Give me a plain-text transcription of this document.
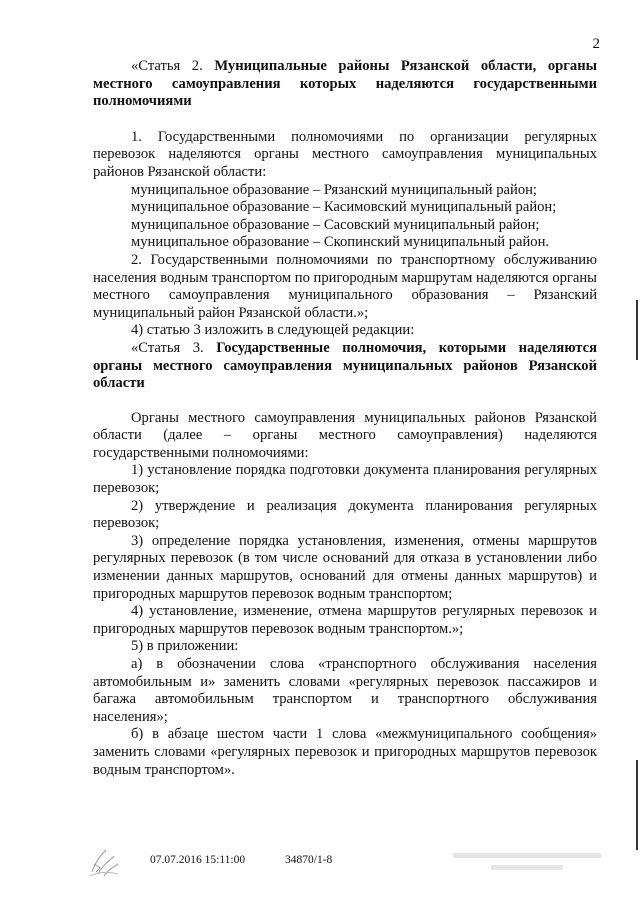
2

«Статья 2. Муниципальные районы Рязанской области, органы местного самоуправления которых наделяются государственными полномочиями

1. Государственными полномочиями по организации регулярных перевозок наделяются органы местного самоуправления муниципальных районов Рязанской области:

муниципальное образование – Рязанский муниципальный район;

муниципальное образование – Касимовский муниципальный район;

муниципальное образование – Сасовский муниципальный район;

муниципальное образование – Скопинский муниципальный район.

2. Государственными полномочиями по транспортному обслуживанию населения водным транспортом по пригородным маршрутам наделяются органы местного самоуправления муниципального образования – Рязанский муниципальный район Рязанской области.»;

4) статью 3 изложить в следующей редакции:

«Статья 3. Государственные полномочия, которыми наделяются органы местного самоуправления муниципальных районов Рязанской области

Органы местного самоуправления муниципальных районов Рязанской области (далее – органы местного самоуправления) наделяются государственными полномочиями:

1) установление порядка подготовки документа планирования регулярных перевозок;

2) утверждение и реализация документа планирования регулярных перевозок;

3) определение порядка установления, изменения, отмены маршрутов регулярных перевозок (в том числе оснований для отказа в установлении либо изменении данных маршрутов, оснований для отмены данных маршрутов) и пригородных маршрутов перевозок водным транспортом;

4) установление, изменение, отмена маршрутов регулярных перевозок и пригородных маршрутов перевозок водным транспортом.»;

5) в приложении:

а) в обозначении слова «транспортного обслуживания населения автомобильным и» заменить словами «регулярных перевозок пассажиров и багажа автомобильным транспортом и транспортного обслуживания населения»;

б) в абзаце шестом части 1 слова «межмуниципального сообщения» заменить словами «регулярных перевозок и пригородных маршрутов перевозок водным транспортом».

07.07.2016 15:11:00	34870/1-8
